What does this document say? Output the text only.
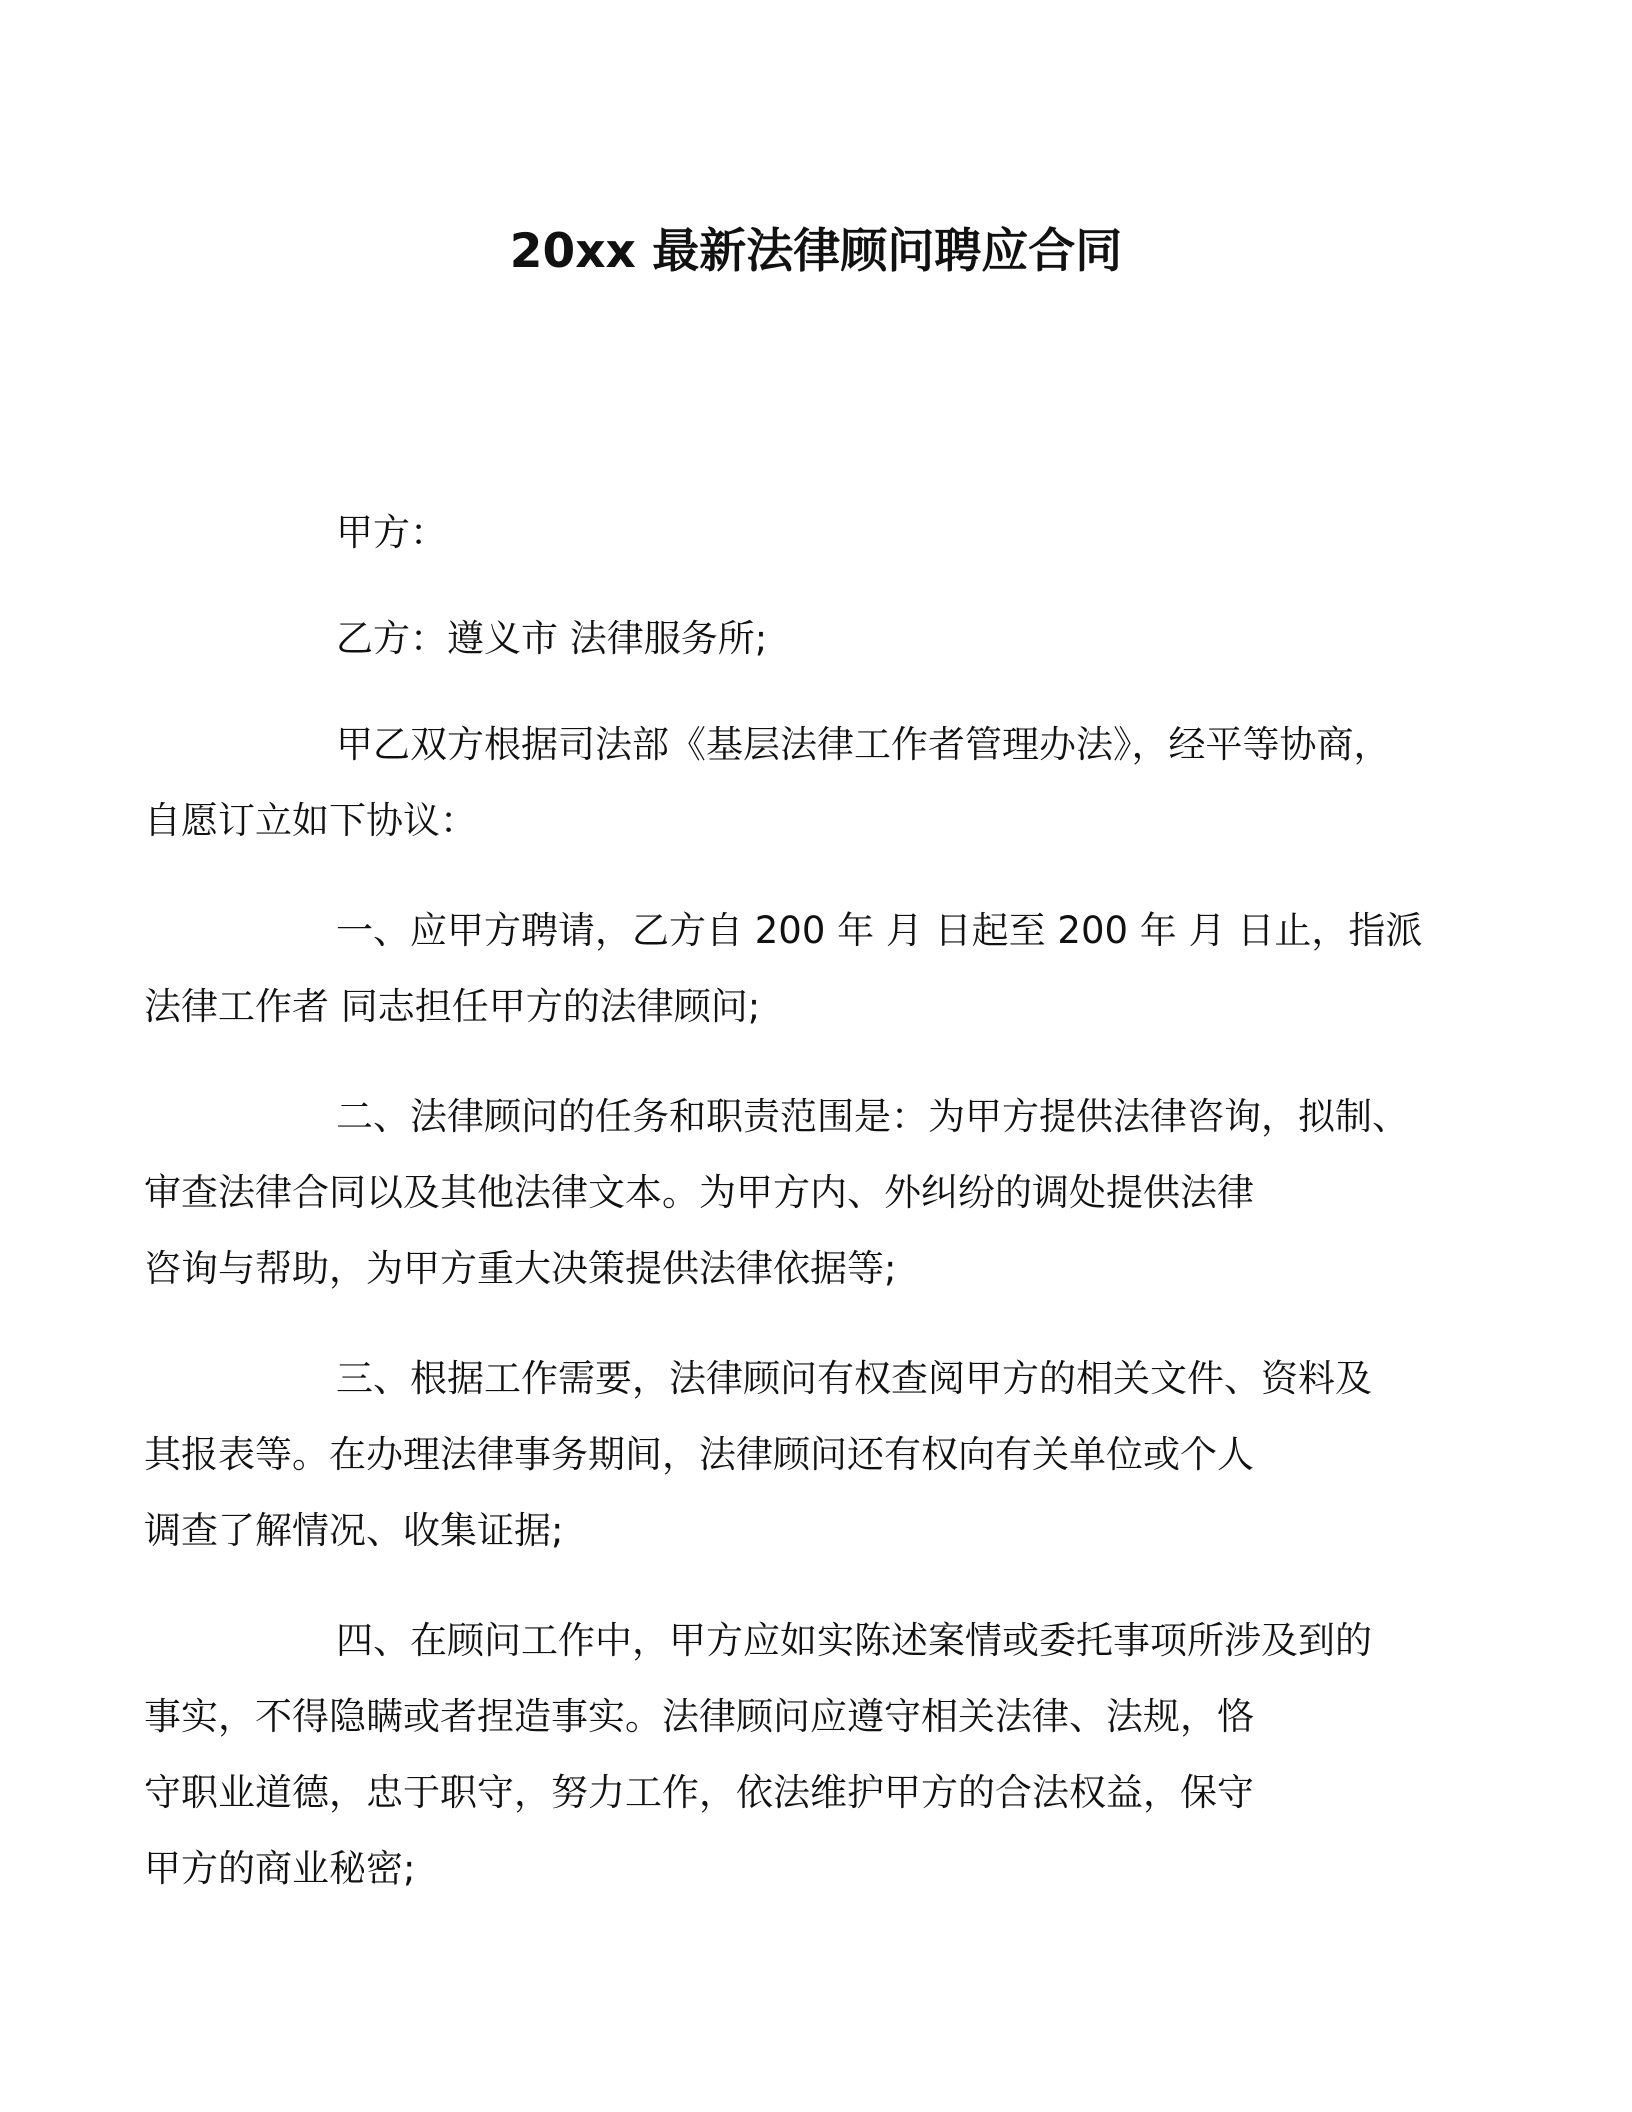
20xx 最新法律顾问聘应合同

甲方：

乙方：遵义市 法律服务所;

甲乙双方根据司法部《基层法律工作者管理办法》，经平等协商，
自愿订立如下协议：

一、应甲方聘请，乙方自 200 年 月 日起至 200 年 月 日止，指派
法律工作者 同志担任甲方的法律顾问;

二、法律顾问的任务和职责范围是：为甲方提供法律咨询，拟制、
审查法律合同以及其他法律文本。为甲方内、外纠纷的调处提供法律
咨询与帮助，为甲方重大决策提供法律依据等;

三、根据工作需要，法律顾问有权查阅甲方的相关文件、资料及
其报表等。在办理法律事务期间，法律顾问还有权向有关单位或个人
调查了解情况、收集证据;

四、在顾问工作中，甲方应如实陈述案情或委托事项所涉及到的
事实，不得隐瞒或者捏造事实。法律顾问应遵守相关法律、法规，恪
守职业道德，忠于职守，努力工作，依法维护甲方的合法权益，保守
甲方的商业秘密;
